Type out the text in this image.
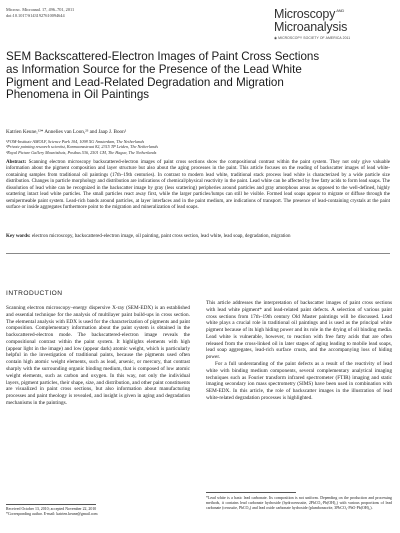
Microsc. Microanal. 17, 496–701, 2011
doi:10.1017/S1431927610094644	Microscopy$^{AND}$
Microanalysis
◉ MICROSCOPY SOCIETY OF AMERICA 2011
SEM Backscattered-Electron Images of Paint Cross Sections as Information Source for the Presence of the Lead White Pigment and Lead-Related Degradation and Migration Phenomena in Oil Paintings
Katrien Keune,¹²* Annelies van Loon,²³ and Jaap J. Boon¹
¹FOM-Institute AMOLF, Science Park 104, 1098 XG Amsterdam, The Netherlands
²Private painting research scientist, Karmaansstraat 82, 2315 TP Leiden, The Netherlands
³Royal Picture Gallery Mauritshuis, Postbus 536, 2501 CM, The Hague, The Netherlands

Abstract: Scanning electron microscopy backscattered-electron images of paint cross sections show the compositional contrast within the paint system. They not only give valuable information about the pigment composition and layer structure but also about the aging processes in the paint. This article focuses on the reading of backscatter images of lead white-containing samples from traditional oil paintings (17th–19th centuries). In contrast to modern lead white, traditional stack process lead white is characterized by a wide particle size distribution. Changes in particle morphology and distribution are indications of chemical/physical reactivity in the paint. Lead white can be affected by free fatty acids to form lead soaps. The dissolution of lead white can be recognized in the backscatter image by gray (less scattering) peripheries around particles and gray amorphous areas as opposed to the well-defined, highly scattering intact lead white particles. The small particles react away first, while the larger particles/lumps can still be visible. Formed lead soaps appear to migrate or diffuse through the semipermeable paint system. Lead-rich bands around particles, at layer interfaces and in the paint medium, are indications of transport. The presence of lead-containing crystals at the paint surface or inside aggregates furthermore point to the migration and mineralization of lead soaps.

Key words: electron microscopy, backscattered-electron image, oil painting, paint cross section, lead white, lead soap, degradation, migration

INTRODUCTION

Scanning electron microscopy–energy dispersive X-ray (SEM-EDX) is an established and essential technique for the analysis of multilayer paint build-ups in cross section. The elemental analysis with EDX is used for the characterization of pigments and paint composition. Complementary information about the paint system is obtained in the backscattered-electron mode. The backscattered-electron image reveals the compositional contrast within the paint system. It highlights elements with high (appear light in the image) and low (appear dark) atomic weight, which is particularly helpful in the investigation of traditional paints, because the pigments used often contain high atomic weight elements, such as lead, arsenic, or mercury, that contrast sharply with the surrounding organic binding medium, that is composed of low atomic weight elements, such as carbon and oxygen. In this way, not only the individual layers, pigment particles, their shape, size, and distribution, and other paint constituents are visualized in paint cross sections, but also information about manufacturing processes and paint theology is revealed, and insight is given in aging and degradation mechanisms in the paintings.

Received October 13, 2010; accepted November 22, 2010
*Corresponding author. E-mail: katrien.keune@gmail.com

This article addresses the interpretation of backscatter images of paint cross sections with lead white pigment* and lead-related paint defects. A selection of various paint cross sections from 17th–19th century Old Master paintings will be discussed. Lead white plays a crucial role in traditional oil paintings and is used as the principal white pigment because of its high hiding power and its role in the drying of oil binding media. Lead white is vulnerable, however, to reaction with free fatty acids that are often released from the cross-linked oil in later stages of aging leading to mobile lead soaps, lead soap aggregates, lead-rich surface crusts, and the accompanying loss of hiding power.

For a full understanding of the paint defects as a result of the reactivity of lead white with binding medium components, several complementary analytical imaging techniques such as Fourier transform infrared spectrometer (FTIR) imaging and static imaging secondary ion mass spectrometry (SIMS) have been used in combination with SEM-EDX. In this article, the role of backscatter images in the illustration of lead white-related degradation processes is highlighted.

*Lead white is a basic lead carbonate. Its composition is not uniform. Depending on the production and processing methods, it contains lead carbonate hydroxide (hydrocerussite, 2PbCO₃·Pb(OH)₂) with various proportions of lead carbonate (cerussite, PbCO₃) and lead oxide carbonate hydroxide (plumbonacrite, 3PbCO₃·PbO·Pb(OH)₂).
